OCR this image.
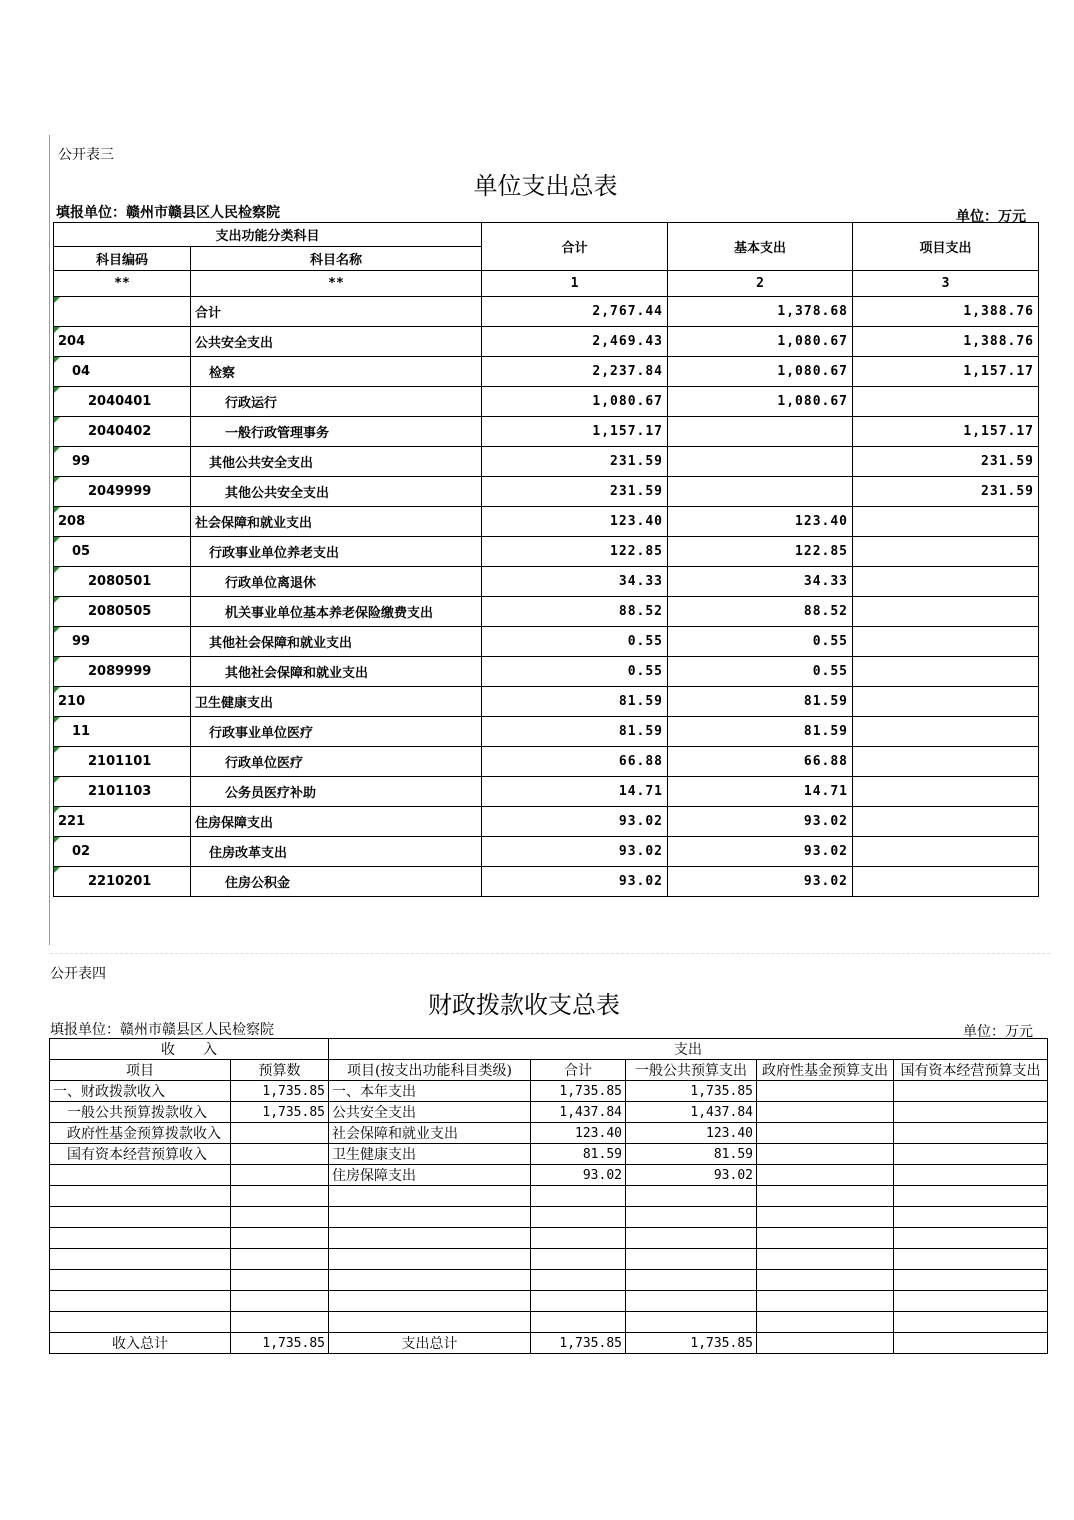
公开表三
单位支出总表
填报单位：赣州市赣县区人民检察院	单位：万元
支出功能分类科目		合计	基本支出	项目支出
科目编码	科目名称			
**	**	1	2	3
	合计	2,767.44	1,378.68	1,388.76
204	公共安全支出	2,469.43	1,080.67	1,388.76
04	检察	2,237.84	1,080.67	1,157.17
2040401	行政运行	1,080.67	1,080.67	
2040402	一般行政管理事务	1,157.17		1,157.17
99	其他公共安全支出	231.59		231.59
2049999	其他公共安全支出	231.59		231.59
208	社会保障和就业支出	123.40	123.40	
05	行政事业单位养老支出	122.85	122.85	
2080501	行政单位离退休	34.33	34.33	
2080505	机关事业单位基本养老保险缴费支出	88.52	88.52	
99	其他社会保障和就业支出	0.55	0.55	
2089999	其他社会保障和就业支出	0.55	0.55	
210	卫生健康支出	81.59	81.59	
11	行政事业单位医疗	81.59	81.59	
2101101	行政单位医疗	66.88	66.88	
2101103	公务员医疗补助	14.71	14.71	
221	住房保障支出	93.02	93.02	
02	住房改革支出	93.02	93.02	
2210201	住房公积金	93.02	93.02	
公开表四
财政拨款收支总表
填报单位：赣州市赣县区人民检察院	单位：万元
收　　入		支出				
项目	预算数	项目(按支出功能科目类级)	合计	一般公共预算支出	政府性基金预算支出	国有资本经营预算支出
一、财政拨款收入	1,735.85	一、本年支出	1,735.85	1,735.85		
　一般公共预算拨款收入	1,735.85	公共安全支出	1,437.84	1,437.84		
　政府性基金预算拨款收入		社会保障和就业支出	123.40	123.40		
　国有资本经营预算收入		卫生健康支出	81.59	81.59		
		住房保障支出	93.02	93.02		

收入总计	1,735.85	支出总计	1,735.85	1,735.85		
